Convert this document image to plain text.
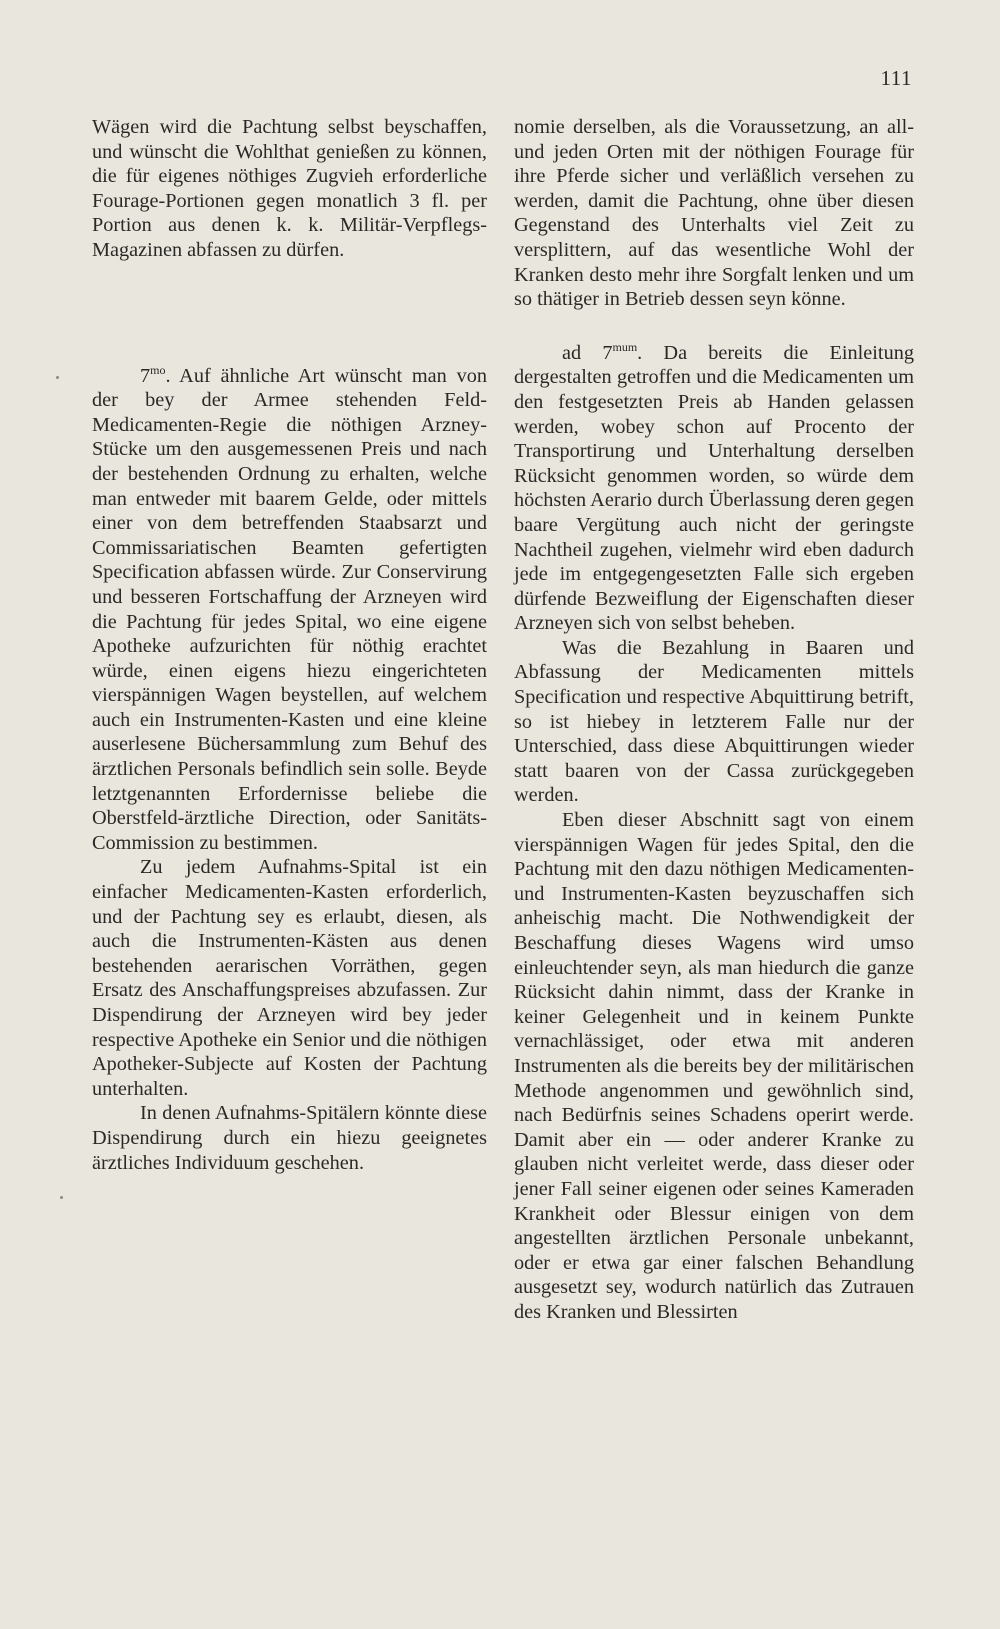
111

Wägen wird die Pachtung selbst beyschaffen, und wünscht die Wohlthat genießen zu können, die für eigenes nöthiges Zugvieh erforderliche Fourage-Portionen gegen monatlich 3 fl. per Portion aus denen k. k. Militär-Verpflegs-Magazinen abfassen zu dürfen.

$7^{mo}$. Auf ähnliche Art wünscht man von der bey der Armee stehenden Feld-Medicamenten-Regie die nöthigen Arzney-Stücke um den ausgemessenen Preis und nach der bestehenden Ordnung zu erhalten, welche man entweder mit baarem Gelde, oder mittels einer von dem betreffenden Staabsarzt und Commissariatischen Beamten gefertigten Specification abfassen würde. Zur Conservirung und besseren Fortschaffung der Arzneyen wird die Pachtung für jedes Spital, wo eine eigene Apotheke aufzurichten für nöthig erachtet würde, einen eigens hiezu eingerichteten vierspännigen Wagen beystellen, auf welchem auch ein Instrumenten-Kasten und eine kleine auserlesene Büchersammlung zum Behuf des ärztlichen Personals befindlich sein solle. Beyde letztgenannten Erfordernisse beliebe die Oberstfeld-ärztliche Direction, oder Sanitäts-Commission zu bestimmen.

Zu jedem Aufnahms-Spital ist ein einfacher Medicamenten-Kasten erforderlich, und der Pachtung sey es erlaubt, diesen, als auch die Instrumenten-Kästen aus denen bestehenden aerarischen Vorräthen, gegen Ersatz des Anschaffungspreises abzufassen. Zur Dispendirung der Arzneyen wird bey jeder respective Apotheke ein Senior und die nöthigen Apotheker-Subjecte auf Kosten der Pachtung unterhalten.

In denen Aufnahms-Spitälern könnte diese Dispendirung durch ein hiezu geeignetes ärztliches Individuum geschehen.

nomie derselben, als die Voraussetzung, an all- und jeden Orten mit der nöthigen Fourage für ihre Pferde sicher und verläßlich versehen zu werden, damit die Pachtung, ohne über diesen Gegenstand des Unterhalts viel Zeit zu versplittern, auf das wesentliche Wohl der Kranken desto mehr ihre Sorgfalt lenken und um so thätiger in Betrieb dessen seyn könne.

ad $7^{mum}$. Da bereits die Einleitung dergestalten getroffen und die Medicamenten um den festgesetzten Preis ab Handen gelassen werden, wobey schon auf Procento der Transportirung und Unterhaltung derselben Rücksicht genommen worden, so würde dem höchsten Aerario durch Überlassung deren gegen baare Vergütung auch nicht der geringste Nachtheil zugehen, vielmehr wird eben dadurch jede im entgegengesetzten Falle sich ergeben dürfende Bezweiflung der Eigenschaften dieser Arzneyen sich von selbst beheben.

Was die Bezahlung in Baaren und Abfassung der Medicamenten mittels Specification und respective Abquittirung betrift, so ist hiebey in letzterem Falle nur der Unterschied, dass diese Abquittirungen wieder statt baaren von der Cassa zurückgegeben werden.

Eben dieser Abschnitt sagt von einem vierspännigen Wagen für jedes Spital, den die Pachtung mit den dazu nöthigen Medicamenten- und Instrumenten-Kasten beyzuschaffen sich anheischig macht. Die Nothwendigkeit der Beschaffung dieses Wagens wird umso einleuchtender seyn, als man hiedurch die ganze Rücksicht dahin nimmt, dass der Kranke in keiner Gelegenheit und in keinem Punkte vernachlässiget, oder etwa mit anderen Instrumenten als die bereits bey der militärischen Methode angenommen und gewöhnlich sind, nach Bedürfnis seines Schadens operirt werde. Damit aber ein — oder anderer Kranke zu glauben nicht verleitet werde, dass dieser oder jener Fall seiner eigenen oder seines Kameraden Krankheit oder Blessur einigen von dem angestellten ärztlichen Personale unbekannt, oder er etwa gar einer falschen Behandlung ausgesetzt sey, wodurch natürlich das Zutrauen des Kranken und Blessirten
